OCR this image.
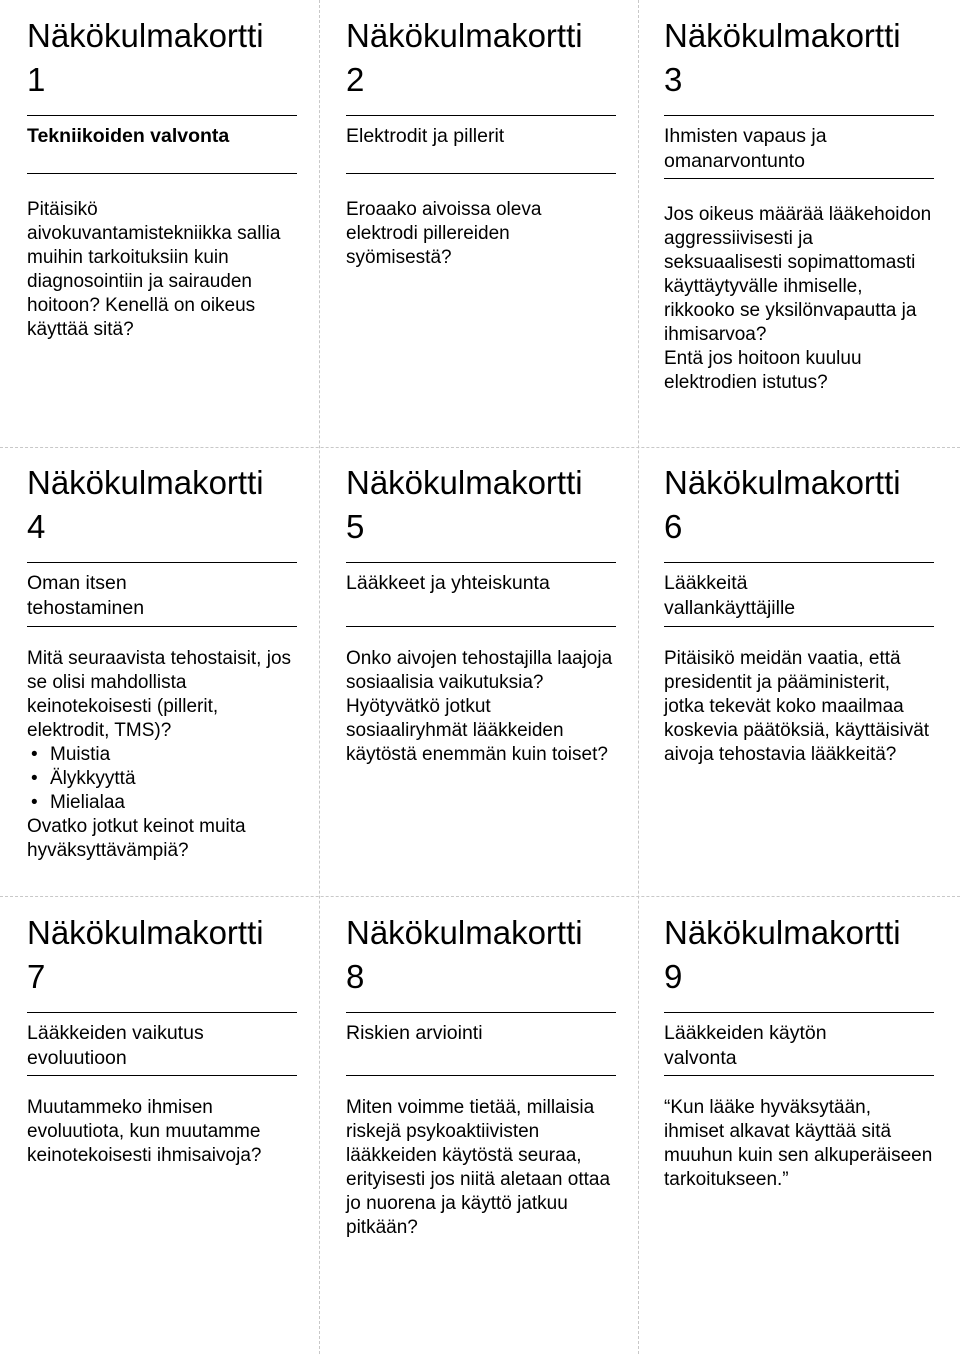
Näkökulmakortti
1
Tekniikoiden valvonta

Pitäisikö aivokuvantamistekniikka sallia muihin tarkoituksiin kuin diagnosointiin ja sairauden hoitoon? Kenellä on oikeus käyttää sitä?

Näkökulmakortti
2
Elektrodit ja pillerit

Eroaako aivoissa oleva elektrodi pillereiden syömisestä?

Näkökulmakortti
3
Ihmisten vapaus ja omanarvontunto

Jos oikeus määrää lääkehoidon aggressiivisesti ja seksuaalisesti sopimattomasti käyttäytyvälle ihmiselle, rikkooko se yksilönvapautta ja ihmisarvoa?

Entä jos hoitoon kuuluu elektrodien istutus?

Näkökulmakortti
4
Oman itsen tehostaminen

Mitä seuraavista tehostaisit, jos se olisi mahdollista keinotekoisesti (pillerit, elektrodit, TMS)?

• Muistia
• Älykkyyttä
• Mielialaa

Ovatko jotkut keinot muita hyväksyttävämpiä?

Näkökulmakortti
5
Lääkkeet ja yhteiskunta

Onko aivojen tehostajilla laajoja sosiaalisia vaikutuksia? Hyötyvätkö jotkut sosiaaliryhmät lääkkeiden käytöstä enemmän kuin toiset?

Näkökulmakortti
6
Lääkkeitä vallankäyttäjille

Pitäisikö meidän vaatia, että presidentit ja pääministerit, jotka tekevät koko maailmaa koskevia päätöksiä, käyttäisivät aivoja tehostavia lääkkeitä?

Näkökulmakortti
7
Lääkkeiden vaikutus evoluutioon

Muutammeko ihmisen evoluutiota, kun muutamme keinotekoisesti ihmisaivoja?

Näkökulmakortti
8
Riskien arviointi

Miten voimme tietää, millaisia riskejä psykoaktiivisten lääkkeiden käytöstä seuraa, erityisesti jos niitä aletaan ottaa jo nuorena ja käyttö jatkuu pitkään?

Näkökulmakortti
9
Lääkkeiden käytön valvonta

“Kun lääke hyväksytään, ihmiset alkavat käyttää sitä muuhun kuin sen alkuperäiseen tarkoitukseen.”
